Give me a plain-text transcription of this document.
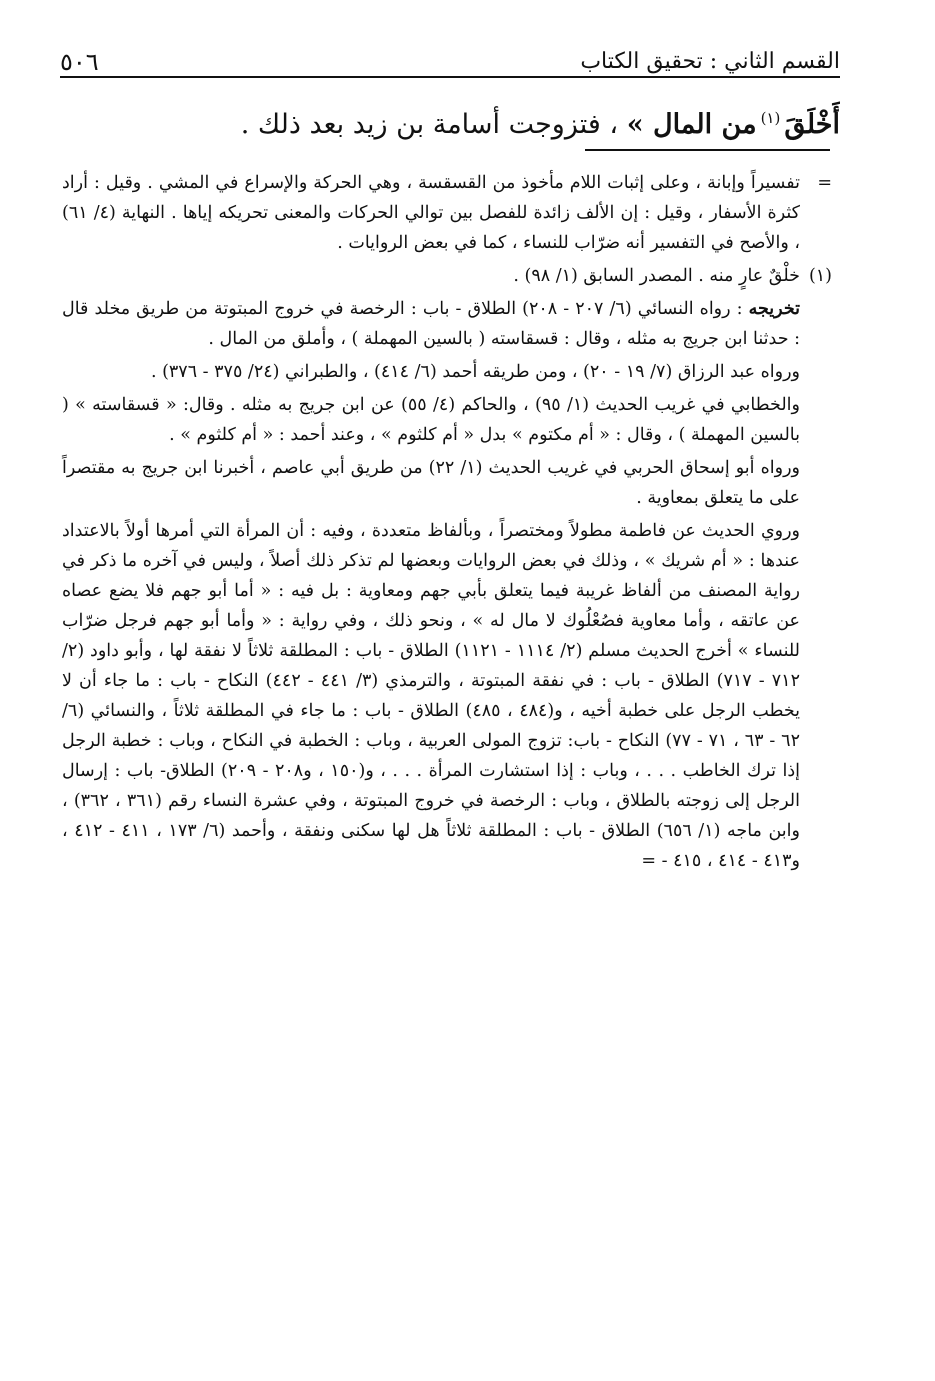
القسم الثاني : تحقيق الكتاب
٥٠٦
أَخْلَقَ$^{(١)}$من المال » ، فتزوجت أسامة بن زيد بعد ذلك .

=
تفسيراً وإبانة ، وعلى إثبات اللام مأخوذ من القسقسة ، وهي الحركة والإسراع في المشي . وقيل : أراد كثرة الأسفار ، وقيل : إن الألف زائدة للفصل بين توالي الحركات والمعنى تحريكه إياها . النهاية (٤/ ٦١) ، والأصح في التفسير أنه ضرّاب للنساء ، كما في بعض الروايات .

(١)
خلْقٌ عارٍ منه . المصدر السابق (١/ ٩٨) .

تخريجه : رواه النسائي (٦/ ٢٠٧ - ٢٠٨) الطلاق - باب : الرخصة في خروج المبتوتة من طريق مخلد قال : حدثنا ابن جريج به مثله ، وقال : قسقاسته ( بالسين المهملة ) ، وأملق من المال .

ورواه عبد الرزاق (٧/ ١٩ - ٢٠) ، ومن طريقه أحمد (٦/ ٤١٤) ، والطبراني (٢٤/ ٣٧٥ - ٣٧٦) .

والخطابي في غريب الحديث (١/ ٩٥) ، والحاكم (٤/ ٥٥) عن ابن جريج به مثله . وقال: « قسقاسته » ( بالسين المهملة ) ، وقال : « أم مكتوم » بدل « أم كلثوم » ، وعند أحمد : « أم كلثوم » .

ورواه أبو إسحاق الحربي في غريب الحديث (١/ ٢٢) من طريق أبي عاصم ، أخبرنا ابن جريج به مقتصراً على ما يتعلق بمعاوية .

وروي الحديث عن فاطمة مطولاً ومختصراً ، وبألفاظ متعددة ، وفيه : أن المرأة التي أمرها أولاً بالاعتداد عندها : « أم شريك » ، وذلك في بعض الروايات وبعضها لم تذكر ذلك أصلاً ، وليس في آخره ما ذكر في رواية المصنف من ألفاظ غريبة فيما يتعلق بأبي جهم ومعاوية : بل فيه : « أما أبو جهم فلا يضع عصاه عن عاتقه ، وأما معاوية فصُعْلُوك لا مال له » ، ونحو ذلك ، وفي رواية : « وأما أبو جهم فرجل ضرّاب للنساء » أخرج الحديث مسلم (٢/ ١١١٤ - ١١٢١) الطلاق - باب : المطلقة ثلاثاً لا نفقة لها ، وأبو داود (٢/ ٧١٢ - ٧١٧) الطلاق - باب : في نفقة المبتوتة ، والترمذي (٣/ ٤٤١ - ٤٤٢) النكاح - باب : ما جاء أن لا يخطب الرجل على خطبة أخيه ، و(٤٨٤ ، ٤٨٥) الطلاق - باب : ما جاء في المطلقة ثلاثاً ، والنسائي (٦/ ٦٢ - ٦٣ ، ٧١ - ٧٧) النكاح - باب: تزوج المولى العربية ، وباب : الخطبة في النكاح ، وباب : خطبة الرجل إذا ترك الخاطب . . . ، وباب : إذا استشارت المرأة . . . ، و(١٥٠ ، و٢٠٨ - ٢٠٩) الطلاق- باب : إرسال الرجل إلى زوجته بالطلاق ، وباب : الرخصة في خروج المبتوتة ، وفي عشرة النساء رقم (٣٦١ ، ٣٦٢) ، وابن ماجه (١/ ٦٥٦) الطلاق - باب : المطلقة ثلاثاً هل لها سكنى ونفقة ، وأحمد (٦/ ١٧٣ ، ٤١١ - ٤١٢ ، و٤١٣ - ٤١٤ ، ٤١٥ - =
